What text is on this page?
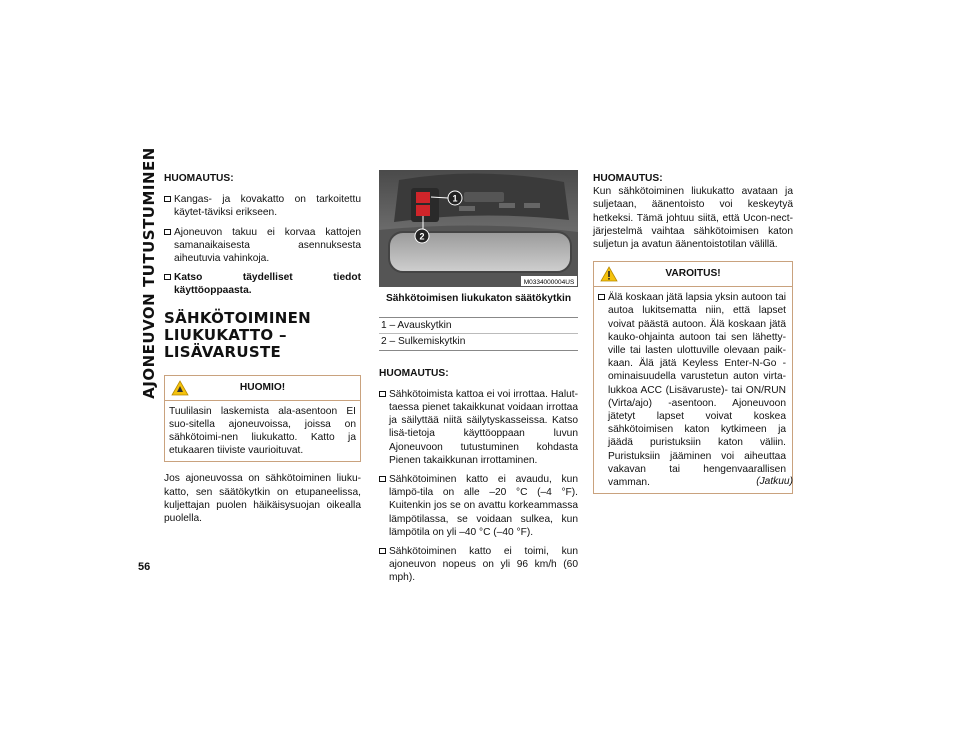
AJONEUVON TUTUSTUMINEN HUOMAUTUS:
Kangas- ja kovakatto on tarkoitettu käytet-täviksi erikseen.
Ajoneuvon takuu ei korvaa kattojen samanaikaisesta asennuksesta aiheutuvia vahinkoja.
Katso täydelliset tiedot käyttöoppaasta.
SÄHKÖTOIMINEN LIUKUKATTO – LISÄVARUSTE
HUOMIO!
Tuulilasin laskemista ala-asentoon EI suo-sitella ajoneuvoissa, joissa on sähkötoimi-nen liukukatto. Katto ja etukaaren tiiviste vaurioituvat.

Jos ajoneuvossa on sähkötoiminen liuku-katto, sen säätökytkin on etupaneelissa, kuljettajan puolen häikäisysuojan oikealla puolella.

1
2
M0334000004US
Sähkötoimisen liukukaton säätökytkin
1 – Avauskytkin
2 – Sulkemiskytkin
HUOMAUTUS:
Sähkötoimista kattoa ei voi irrottaa. Halut-taessa pienet takaikkunat voidaan irrottaa ja säilyttää niitä säilytyskasseissa. Katso lisä-tietoja käyttöoppaan luvun Ajoneuvoon tutustuminen kohdasta Pienen takaikkunan irrottaminen.
Sähkötoiminen katto ei avaudu, kun lämpö-tila on alle –20 °C (–4 °F). Kuitenkin jos se on avattu korkeammassa lämpötilassa, se voidaan sulkea, kun lämpötila on yli –40 °C (–40 °F).
Sähkötoiminen katto ei toimi, kun ajoneuvon nopeus on yli 96 km/h (60 mph).
HUOMAUTUS:

Kun sähkötoiminen liukukatto avataan ja suljetaan, äänentoisto voi keskeytyä hetkeksi. Tämä johtuu siitä, että Ucon-nect-järjestelmä vaihtaa sähkötoimisen katon suljetun ja avatun äänentoistotilan välillä.

VAROITUS!
Älä koskaan jätä lapsia yksin autoon tai autoa lukitsematta niin, että lapset voivat päästä autoon. Älä koskaan jätä kauko-ohjainta autoon tai sen lähetty-ville tai lasten ulottuville olevaan paik-kaan. Älä jätä Keyless Enter-N-Go -ominaisuudella varustetun auton virta-lukkoa ACC (Lisävaruste)- tai ON/RUN (Virta/ajo) -asentoon. Ajoneuvoon jätetyt lapset voivat koskea sähkötoimisen katon kytkimeen ja jäädä puristuksiin katon väliin. Puristuksiin jääminen voi aiheuttaa vakavan tai hengenvaarallisen vamman.	(Jatkuu)
56
